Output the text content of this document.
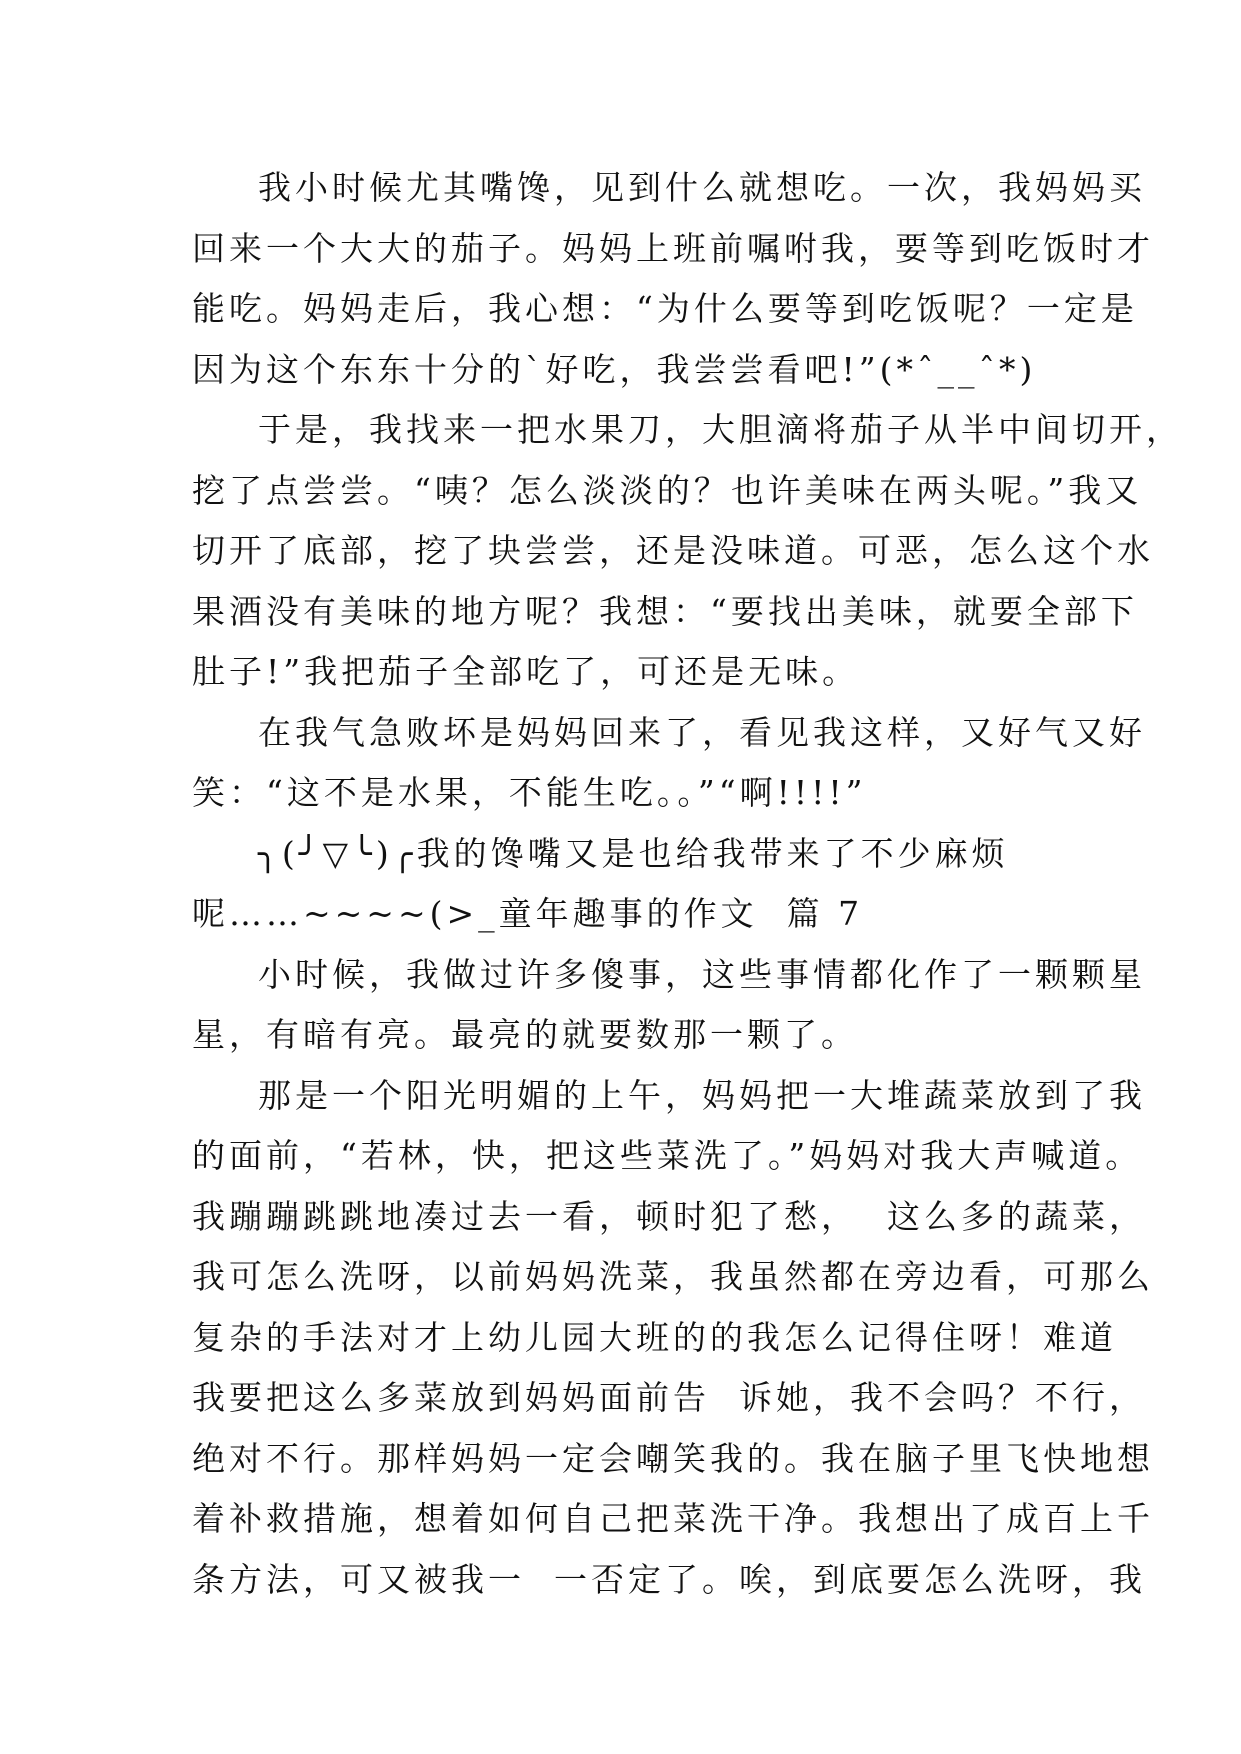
我小时候尤其嘴馋，见到什么就想吃。一次，我妈妈买
回来一个大大的茄子。妈妈上班前嘱咐我，要等到吃饭时才
能吃。妈妈走后，我心想：“为什么要等到吃饭呢？一定是
因为这个东东十分的`好吃，我尝尝看吧!”(*ˆ__ˆ*)
于是，我找来一把水果刀，大胆滴将茄子从半中间切开，
挖了点尝尝。“咦？怎么淡淡的？也许美味在两头呢。”我又
切开了底部，挖了块尝尝，还是没味道。可恶，怎么这个水
果酒没有美味的地方呢？我想：“要找出美味，就要全部下
肚子!”我把茄子全部吃了，可还是无味。
在我气急败坏是妈妈回来了，看见我这样，又好气又好
笑：“这不是水果，不能生吃。。”“啊!!!!”
╮(╯▽╰)╭我的馋嘴又是也给我带来了不少麻烦
呢……~~~~(>_童年趣事的作文  篇 7
小时候，我做过许多傻事，这些事情都化作了一颗颗星
星，有暗有亮。最亮的就要数那一颗了。
那是一个阳光明媚的上午，妈妈把一大堆蔬菜放到了我
的面前，“若林，快，把这些菜洗了。”妈妈对我大声喊道。
我蹦蹦跳跳地凑过去一看，顿时犯了愁，  这么多的蔬菜，
我可怎么洗呀，以前妈妈洗菜，我虽然都在旁边看，可那么
复杂的手法对才上幼儿园大班的的我怎么记得住呀！难道
我要把这么多菜放到妈妈面前告  诉她，我不会吗？不行，
绝对不行。那样妈妈一定会嘲笑我的。我在脑子里飞快地想
着补救措施，想着如何自己把菜洗干净。我想出了成百上千
条方法，可又被我一  一否定了。唉，到底要怎么洗呀，我
